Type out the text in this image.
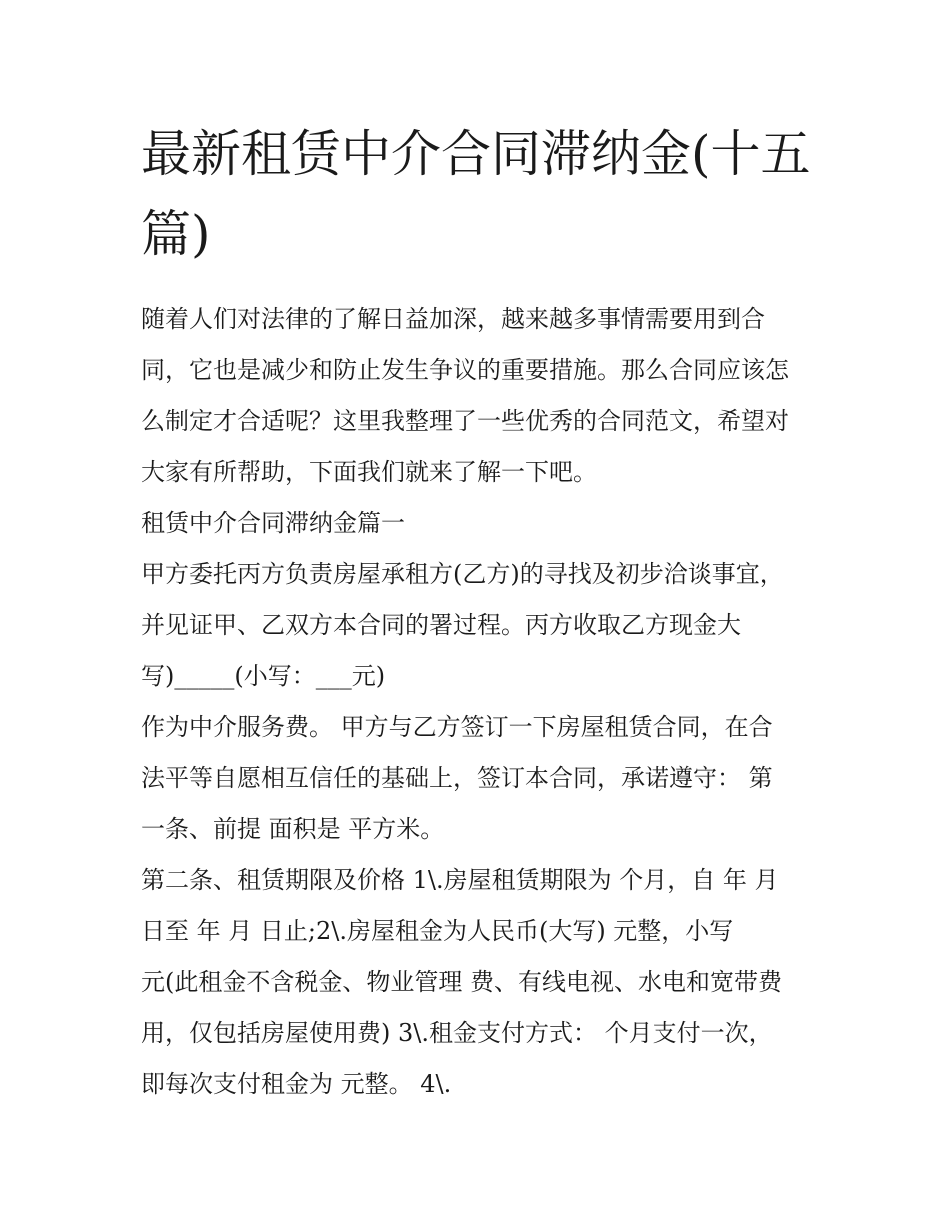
最新租赁中介合同滞纳金(十五
篇)

随着人们对法律的了解日益加深，越来越多事情需要用到合
同，它也是减少和防止发生争议的重要措施。那么合同应该怎
么制定才合适呢？这里我整理了一些优秀的合同范文，希望对
大家有所帮助，下面我们就来了解一下吧。

租赁中介合同滞纳金篇一

甲方委托丙方负责房屋承租方(乙方)的寻找及初步洽谈事宜，
并见证甲、乙双方本合同的署过程。丙方收取乙方现金大
写)_____(小写：___元)

作为中介服务费。 甲方与乙方签订一下房屋租赁合同，在合
法平等自愿相互信任的基础上，签订本合同，承诺遵守： 第
一条、前提 面积是 平方米。

第二条、租赁期限及价格 1\.房屋租赁期限为 个月，自 年 月
日至 年 月 日止;2\.房屋租金为人民币(大写) 元整，小写
元(此租金不含税金、物业管理 费、有线电视、水电和宽带费
用，仅包括房屋使用费) 3\.租金支付方式： 个月支付一次，
即每次支付租金为 元整。 4\.
